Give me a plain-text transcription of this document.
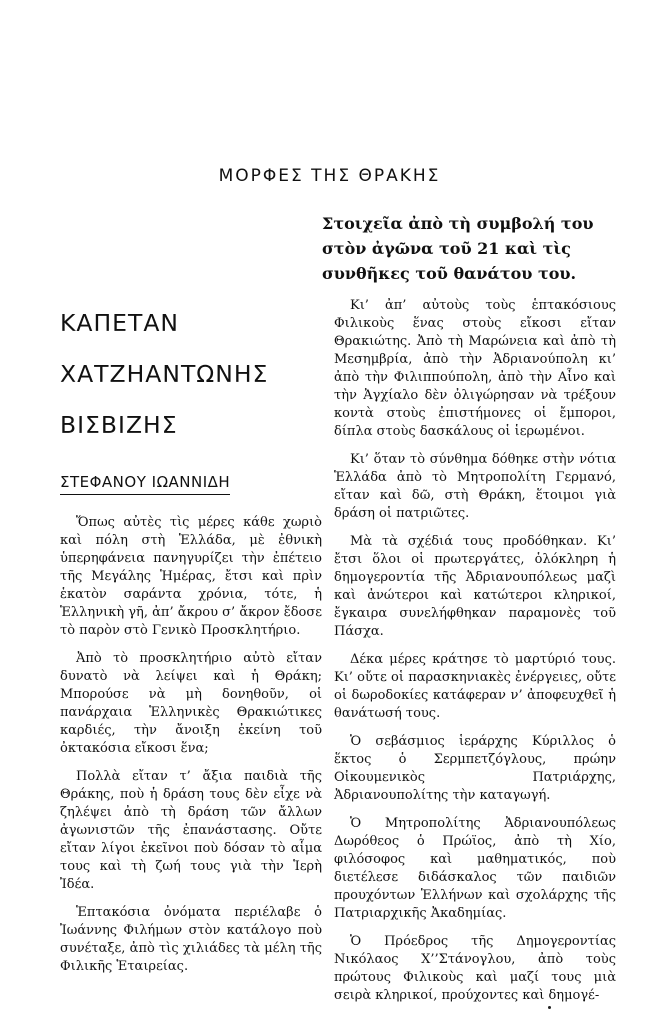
ΜΟΡΦΕΣ ΤΗΣ ΘΡΑΚΗΣ
ΚΑΠΕΤΑΝ
ΧΑΤΖΗΑΝΤΩΝΗΣ
ΒΙΣΒΙΖΗΣ
ΣΤΕΦΑΝΟΥ ΙΩΑΝΝΙΔΗ
Στοιχεῖα ἀπὸ τὴ συμβολή του στὸν ἀγῶνα τοῦ 21 καὶ τὶς συνθῆκες τοῦ θανάτου του.

Ὅπως αὐτὲς τὶς μέρες κάθε χωριὸ καὶ πόλη στὴ Ἑλλάδα, μὲ ἐθνικὴ ὑπερηφάνεια πανηγυρίζει τὴν ἐπέτειο τῆς Μεγάλης Ἡμέρας, ἔτσι καὶ πρὶν ἑκατὸν σαράντα χρόνια, τότε, ἡ Ἑλληνικὴ γῆ, ἀπ’ ἄκρου σ’ ἄκρον ἔδοσε τὸ παρὸν στὸ Γενικὸ Προσκλητήριο.

Ἀπὸ τὸ προσκλητήριο αὐτὸ εἴταν δυνατὸ νὰ λείψει καὶ ἡ Θράκη; Μπορούσε νὰ μὴ δονηθοῦν, οἱ πανάρχαια Ἑλληνικὲς Θρακιώτικες καρδιές, τὴν ἄνοιξη ἐκείνη τοῦ ὀκτακόσια εἴκοσι ἕνα;

Πολλὰ εἴταν τ’ ἄξια παιδιὰ τῆς Θράκης, ποὺ ἡ δράση τους δὲν εἶχε νὰ ζηλέψει ἀπὸ τὴ δράση τῶν ἄλλων ἀγωνιστῶν τῆς ἐπανάστασης. Οὔτε εἴταν λίγοι ἐκεῖνοι ποὺ δόσαν τὸ αἷμα τους καὶ τὴ ζωή τους γιὰ τὴν Ἱερὴ Ἰδέα.

Ἑπτακόσια ὀνόματα περιέλαβε ὁ Ἰωάννης Φιλήμων στὸν κατάλογο ποὺ συνέταξε, ἀπὸ τὶς χιλιάδες τὰ μέλη τῆς Φιλικῆς Ἑταιρείας.

Κι’ ἀπ’ αὐτοὺς τοὺς ἑπτακόσιους Φιλικοὺς ἕνας στοὺς εἴκοσι εἴταν Θρακιώτης. Ἀπὸ τὴ Μαρώνεια καὶ ἀπὸ τὴ Μεσημβρία, ἀπὸ τὴν Ἀδριανούπολη κι’ ἀπὸ τὴν Φιλιππούπολη, ἀπὸ τὴν Αἶνο καὶ τὴν Ἀγχίαλο δὲν ὀλιγώρησαν νὰ τρέξουν κοντὰ στοὺς ἐπιστήμονες οἱ ἔμποροι, δίπλα στοὺς δασκάλους οἱ ἱερωμένοι.

Κι’ ὅταν τὸ σύνθημα δόθηκε στὴν νότια Ἑλλάδα ἀπὸ τὸ Μητροπολίτη Γερμανό, εἴταν καὶ δῶ, στὴ Θράκη, ἕτοιμοι γιὰ δράση οἱ πατριῶτες.

Μὰ τὰ σχέδιά τους προδόθηκαν. Κι’ ἔτσι ὅλοι οἱ πρωτεργάτες, ὁλόκληρη ἡ δημογεροντία τῆς Ἀδριανουπόλεως μαζὶ καὶ ἀνώτεροι καὶ κατώτεροι κληρικοί, ἔγκαιρα συνελήφθηκαν παραμονὲς τοῦ Πάσχα.

Δέκα μέρες κράτησε τὸ μαρτύριό τους. Κι’ οὔτε οἱ παρασκηνιακὲς ἐνέργειες, οὔτε οἱ δωροδοκίες κατάφεραν ν’ ἀποφευχθεῖ ἡ θανάτωσή τους.

Ὁ σεβάσμιος ἱεράρχης Κύριλλος ὁ ἕκτος ὁ Σερμπετζόγλους, πρώην Οἰκουμενικὸς Πατριάρχης, Ἀδριανουπολίτης τὴν καταγωγή.

Ὁ Μητροπολίτης Ἀδριανουπόλεως Δωρόθεος ὁ Πρώϊος, ἀπὸ τὴ Χίο, φιλόσοφος καὶ μαθηματικός, ποὺ διετέλεσε διδάσκαλος τῶν παιδιῶν προυχόντων Ἑλλήνων καὶ σχολάρχης τῆς Πατριαρχικῆς Ἀκαδημίας.

Ὁ Πρόεδρος τῆς Δημογεροντίας Νικόλαος Χ’’Στάνογλου, ἀπὸ τοὺς πρώτους Φιλικοὺς καὶ μαζί τους μιὰ σειρὰ κληρικοί, προύχοντες καὶ δημογέ-
